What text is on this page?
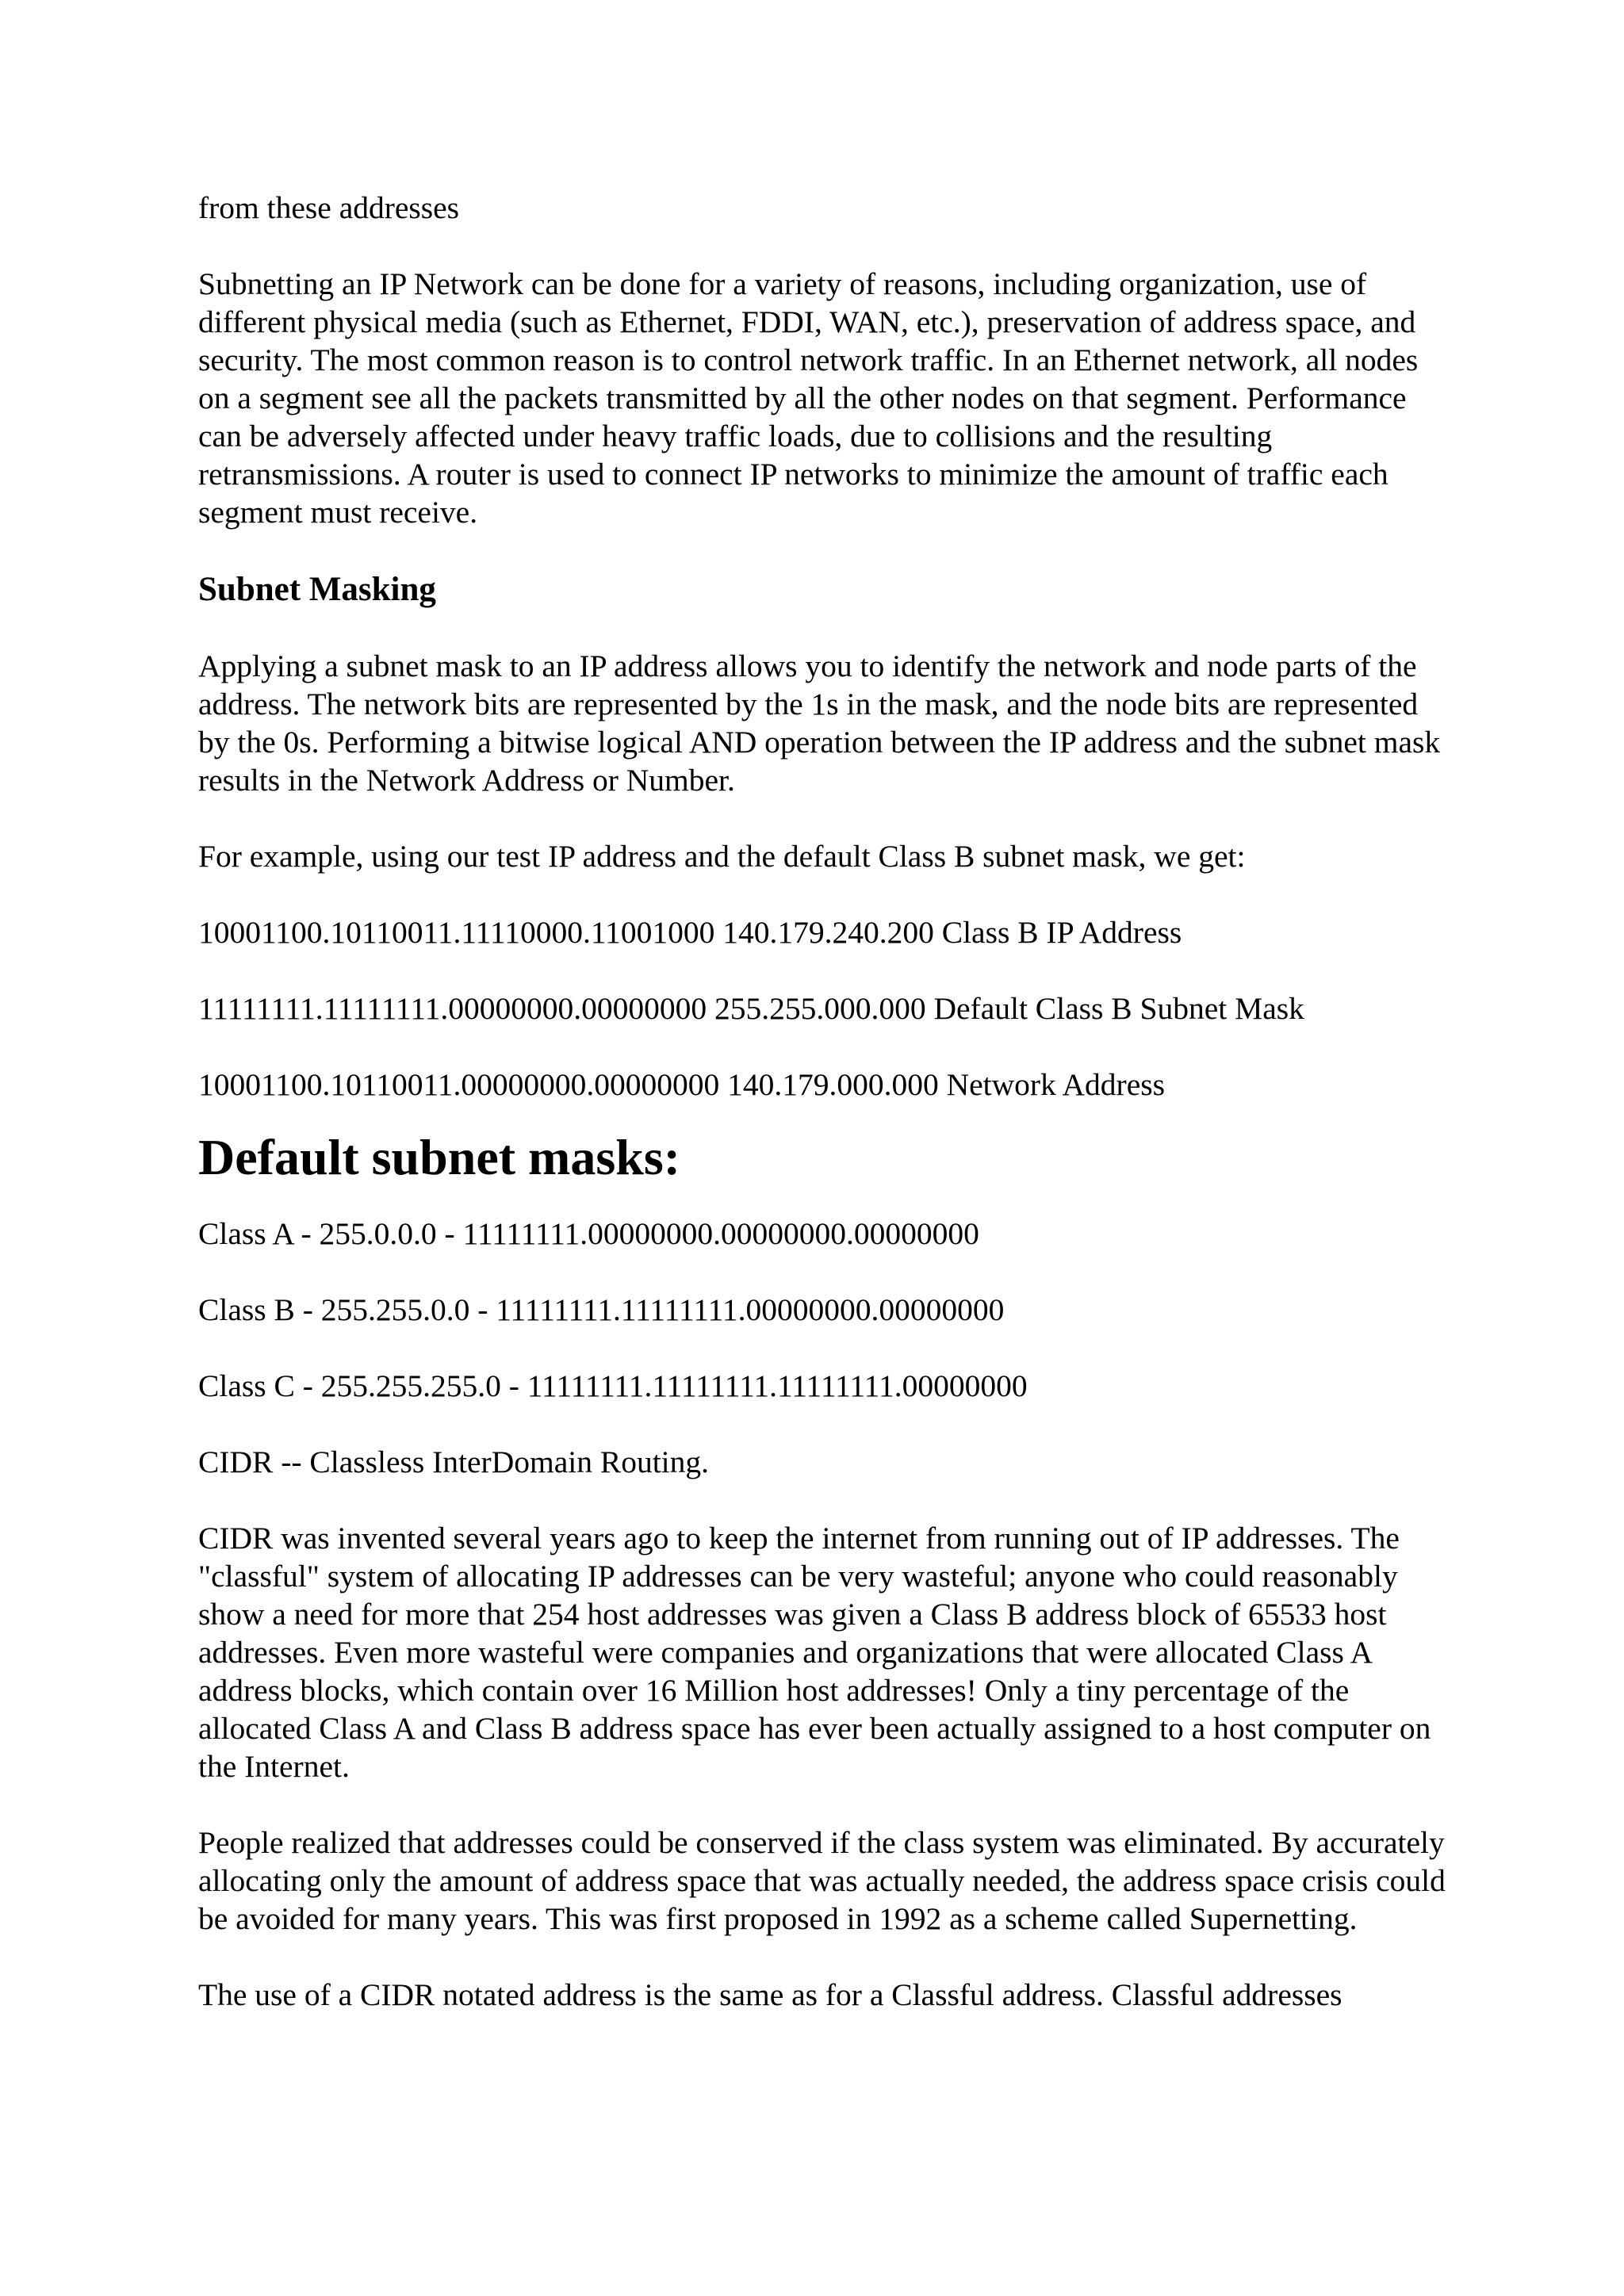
from these addresses

Subnetting an IP Network can be done for a variety of reasons, including organization, use of different physical media (such as Ethernet, FDDI, WAN, etc.), preservation of address space, and security. The most common reason is to control network traffic. In an Ethernet network, all nodes on a segment see all the packets transmitted by all the other nodes on that segment. Performance can be adversely affected under heavy traffic loads, due to collisions and the resulting retransmissions. A router is used to connect IP networks to minimize the amount of traffic each segment must receive.

Subnet Masking

Applying a subnet mask to an IP address allows you to identify the network and node parts of the address. The network bits are represented by the 1s in the mask, and the node bits are represented by the 0s. Performing a bitwise logical AND operation between the IP address and the subnet mask results in the Network Address or Number.

For example, using our test IP address and the default Class B subnet mask, we get:

10001100.10110011.11110000.11001000 140.179.240.200 Class B IP Address

11111111.11111111.00000000.00000000 255.255.000.000 Default Class B Subnet Mask

10001100.10110011.00000000.00000000 140.179.000.000 Network Address

Default subnet masks:

Class A - 255.0.0.0 - 11111111.00000000.00000000.00000000

Class B - 255.255.0.0 - 11111111.11111111.00000000.00000000

Class C - 255.255.255.0 - 11111111.11111111.11111111.00000000

CIDR -- Classless InterDomain Routing.

CIDR was invented several years ago to keep the internet from running out of IP addresses. The "classful" system of allocating IP addresses can be very wasteful; anyone who could reasonably show a need for more that 254 host addresses was given a Class B address block of 65533 host addresses. Even more wasteful were companies and organizations that were allocated Class A address blocks, which contain over 16 Million host addresses! Only a tiny percentage of the allocated Class A and Class B address space has ever been actually assigned to a host computer on the Internet.

People realized that addresses could be conserved if the class system was eliminated. By accurately allocating only the amount of address space that was actually needed, the address space crisis could be avoided for many years. This was first proposed in 1992 as a scheme called Supernetting.

The use of a CIDR notated address is the same as for a Classful address. Classful addresses
